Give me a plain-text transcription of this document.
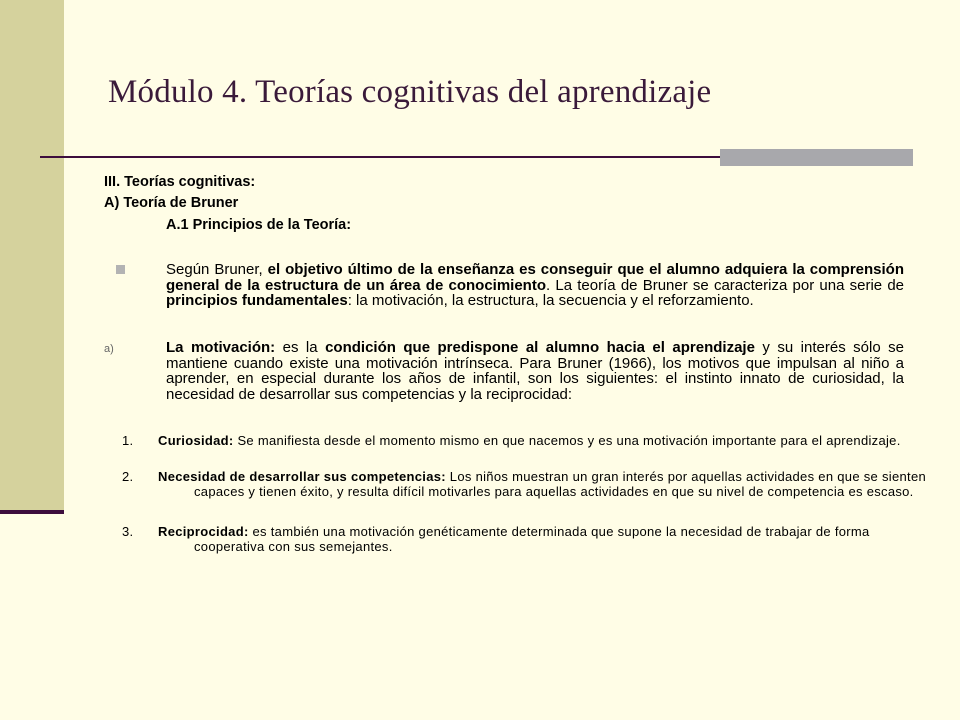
Módulo 4. Teorías cognitivas del aprendizaje
III. Teorías cognitivas:
A) Teoría de Bruner
A.1 Principios de la Teoría:

Según Bruner, el objetivo último de la enseñanza es conseguir que el alumno adquiera la comprensión general de la estructura de un área de conocimiento. La teoría de Bruner se caracteriza por una serie de principios fundamentales: la motivación, la estructura, la secuencia y el reforzamiento.

a)	La motivación: es la condición que predispone al alumno hacia el aprendizaje y su interés sólo se mantiene cuando existe una motivación intrínseca. Para Bruner (1966), los motivos que impulsan al niño a aprender, en especial durante los años de infantil, son los siguientes: el instinto innato de curiosidad, la necesidad de desarrollar sus competencias y la reciprocidad:

1.Curiosidad: Se manifiesta desde el momento mismo en que nacemos y es una motivación importante para el aprendizaje.

2.Necesidad de desarrollar sus competencias: Los niños muestran un gran interés por aquellas actividades en que se sienten capaces y tienen éxito, y resulta difícil motivarles para aquellas actividades en que su nivel de competencia es escaso.

3.Reciprocidad: es también una motivación genéticamente determinada que supone la necesidad de trabajar de forma cooperativa con sus semejantes.
